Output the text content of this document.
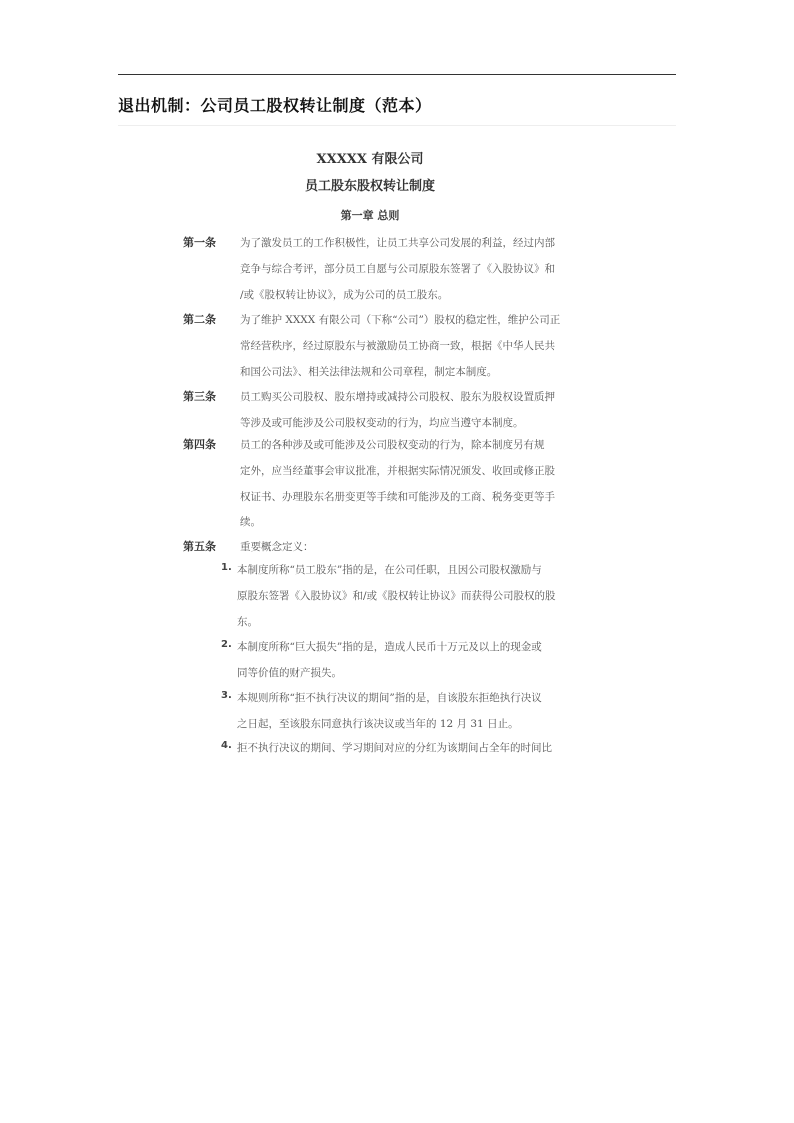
退出机制：公司员工股权转让制度（范本）
XXXXX 有限公司
员工股东股权转让制度
第一章 总则
第一条 为了激发员工的工作积极性，让员工共享公司发展的利益，经过内部
竞争与综合考评，部分员工自愿与公司原股东签署了《入股协议》和
/或《股权转让协议》，成为公司的员工股东。
第二条 为了维护 XXXX 有限公司（下称“公司”）股权的稳定性，维护公司正
常经营秩序，经过原股东与被激励员工协商一致，根据《中华人民共
和国公司法》、相关法律法规和公司章程，制定本制度。
第三条 员工购买公司股权、股东增持或减持公司股权、股东为股权设置质押
等涉及或可能涉及公司股权变动的行为，均应当遵守本制度。
第四条 员工的各种涉及或可能涉及公司股权变动的行为，除本制度另有规
定外，应当经董事会审议批准，并根据实际情况颁发、收回或修正股
权证书、办理股东名册变更等手续和可能涉及的工商、税务变更等手
续。
第五条 重要概念定义：
1. 本制度所称“员工股东”指的是，在公司任职，且因公司股权激励与
原股东签署《入股协议》和/或《股权转让协议》而获得公司股权的股
东。
2. 本制度所称“巨大损失”指的是，造成人民币十万元及以上的现金或
同等价值的财产损失。
3. 本规则所称“拒不执行决议的期间”指的是，自该股东拒绝执行决议
之日起，至该股东同意执行该决议或当年的 12 月 31 日止。
4. 拒不执行决议的期间、学习期间对应的分红为该期间占全年的时间比
